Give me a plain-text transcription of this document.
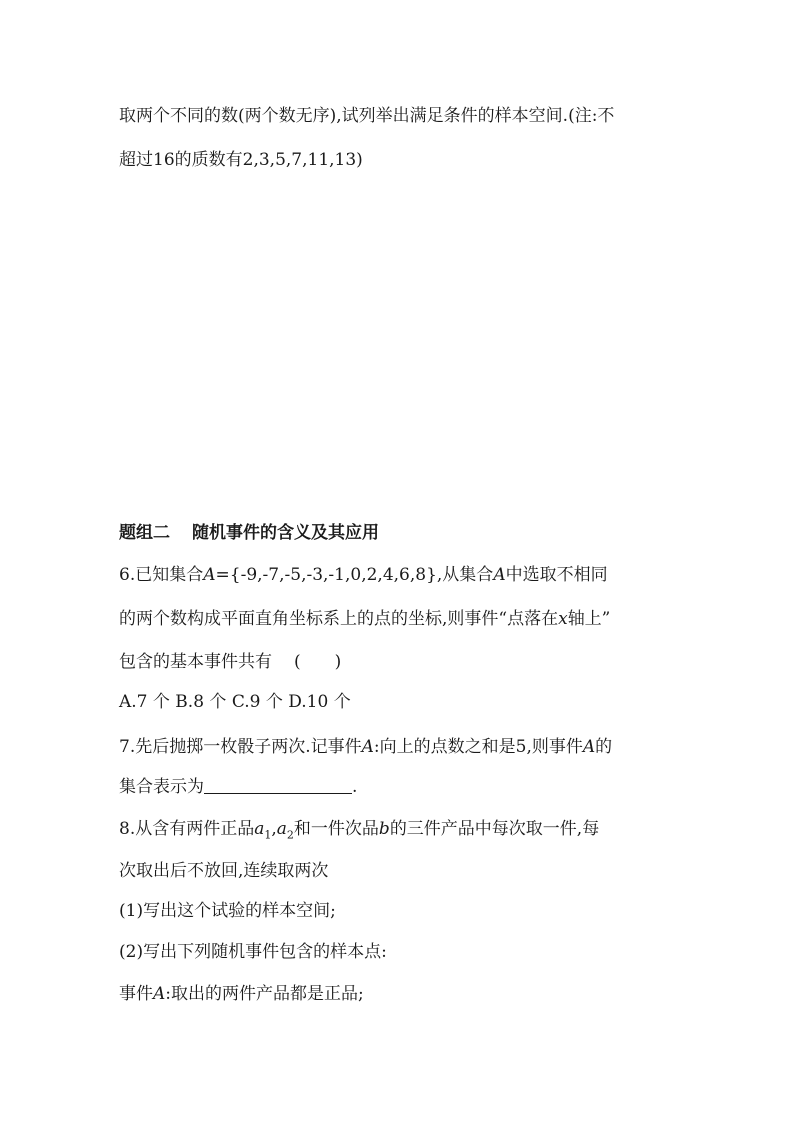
取两个不同的数(两个数无序),试列举出满足条件的样本空间.(注:不
超过16的质数有2,3,5,7,11,13)
题组二 随机事件的含义及其应用
6.已知集合A={-9,-7,-5,-3,-1,0,2,4,6,8},从集合A中选取不相同
的两个数构成平面直角坐标系上的点的坐标,则事件“点落在x轴上”
包含的基本事件共有 (　　)
A.7 个 B.8 个 C.9 个 D.10 个
7.先后抛掷一枚骰子两次.记事件A:向上的点数之和是5,则事件A的
集合表示为	.
8.从含有两件正品$a_1,a_2$和一件次品b的三件产品中每次取一件,每
次取出后不放回,连续取两次
(1)写出这个试验的样本空间;
(2)写出下列随机事件包含的样本点:
事件A:取出的两件产品都是正品;
